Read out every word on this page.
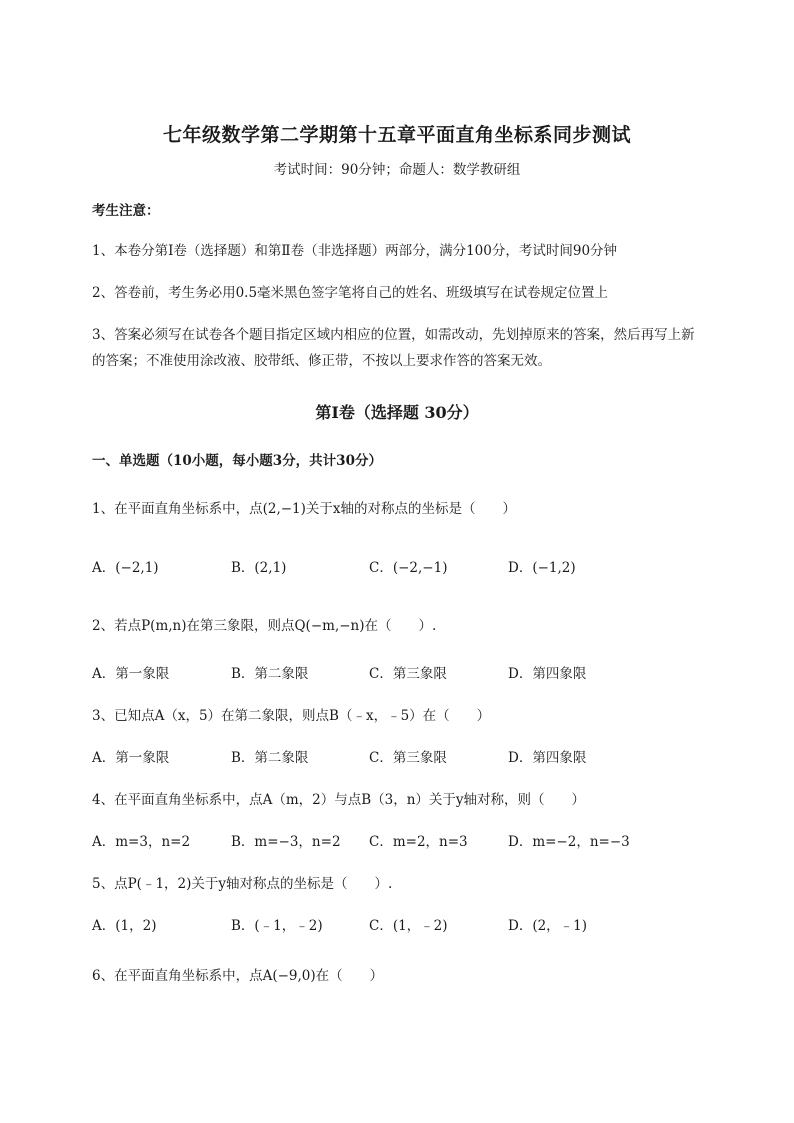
七年级数学第二学期第十五章平面直角坐标系同步测试
考试时间：90分钟；命题人：数学教研组
考生注意：
1、本卷分第I卷（选择题）和第Ⅱ卷（非选择题）两部分，满分100分，考试时间90分钟
2、答卷前，考生务必用0.5毫米黑色签字笔将自己的姓名、班级填写在试卷规定位置上
3、答案必须写在试卷各个题目指定区域内相应的位置，如需改动，先划掉原来的答案，然后再写上新
的答案；不准使用涂改液、胶带纸、修正带，不按以上要求作答的答案无效。
第I卷（选择题 30分）
一、单选题（10小题，每小题3分，共计30分）
1、在平面直角坐标系中，点(2,−1)关于x轴的对称点的坐标是（　　）
A．(−2,1)	B．(2,1)	C．(−2,−1)	D．(−1,2)
2、若点P(m,n)在第三象限，则点Q(−m,−n)在（　　）.
A．第一象限	B．第二象限	C．第三象限	D．第四象限
3、已知点A（x，5）在第二象限，则点B（﹣x，﹣5）在（　　）
A．第一象限	B．第二象限	C．第三象限	D．第四象限
4、在平面直角坐标系中，点A（m，2）与点B（3，n）关于y轴对称，则（　　）
A．m=3，n=2	B．m=−3，n=2 C．m=2，n=3	D．m=−2，n=−3
5、点P(﹣1，2)关于y轴对称点的坐标是（　　）.
A．(1，2)	B．(﹣1，﹣2)	C．(1，﹣2)	D．(2，﹣1)
6、在平面直角坐标系中，点A(−9,0)在（　　）
